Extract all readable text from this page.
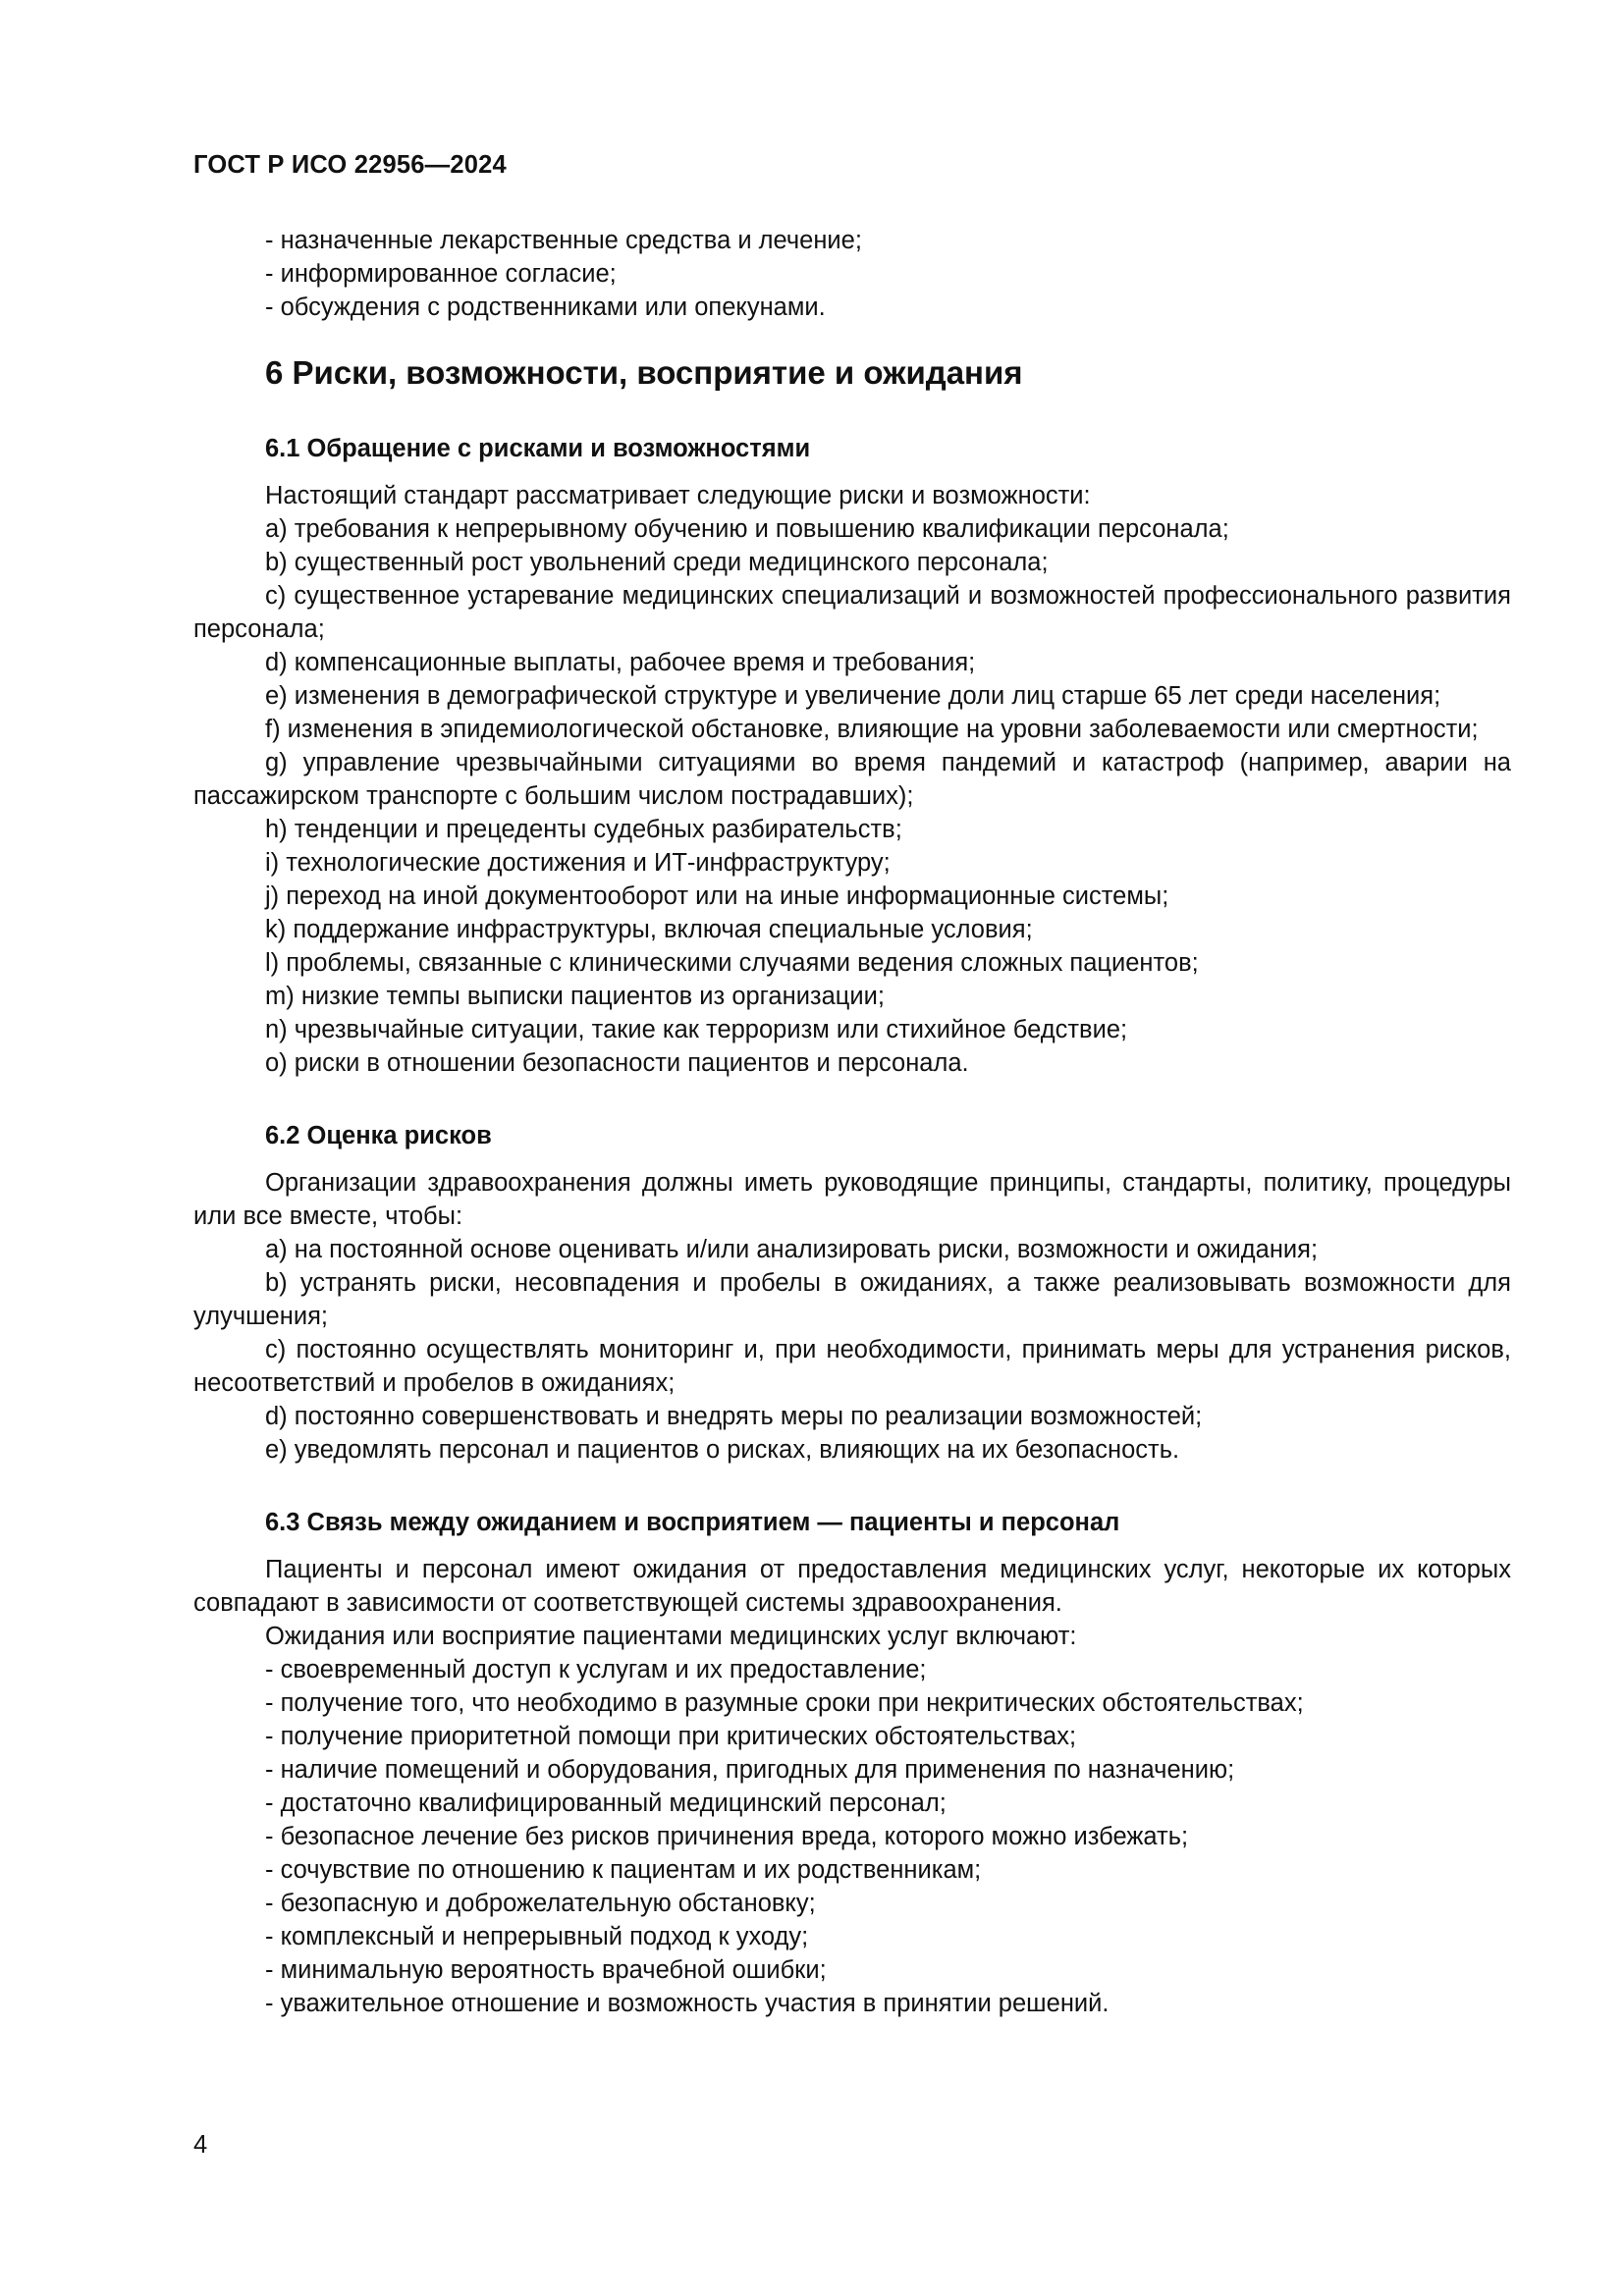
ГОСТ Р ИСО 22956—2024
- назначенные лекарственные средства и лечение;
- информированное согласие;
- обсуждения с родственниками или опекунами.
6 Риски, возможности, восприятие и ожидания
6.1 Обращение с рисками и возможностями
Настоящий стандарт рассматривает следующие риски и возможности:
a) требования к непрерывному обучению и повышению квалификации персонала;
b) существенный рост увольнений среди медицинского персонала;
c) существенное устаревание медицинских специализаций и возможностей профессионального развития персонала;
d) компенсационные выплаты, рабочее время и требования;
e) изменения в демографической структуре и увеличение доли лиц старше 65 лет среди населения;
f) изменения в эпидемиологической обстановке, влияющие на уровни заболеваемости или смертности;
g) управление чрезвычайными ситуациями во время пандемий и катастроф (например, аварии на пассажирском транспорте с большим числом пострадавших);
h) тенденции и прецеденты судебных разбирательств;
i) технологические достижения и ИТ-инфраструктуру;
j) переход на иной документооборот или на иные информационные системы;
k) поддержание инфраструктуры, включая специальные условия;
l) проблемы, связанные с клиническими случаями ведения сложных пациентов;
m) низкие темпы выписки пациентов из организации;
n) чрезвычайные ситуации, такие как терроризм или стихийное бедствие;
o) риски в отношении безопасности пациентов и персонала.
6.2 Оценка рисков
Организации здравоохранения должны иметь руководящие принципы, стандарты, политику, процедуры или все вместе, чтобы:
a) на постоянной основе оценивать и/или анализировать риски, возможности и ожидания;
b) устранять риски, несовпадения и пробелы в ожиданиях, а также реализовывать возможности для улучшения;
c) постоянно осуществлять мониторинг и, при необходимости, принимать меры для устранения рисков, несоответствий и пробелов в ожиданиях;
d) постоянно совершенствовать и внедрять меры по реализации возможностей;
e) уведомлять персонал и пациентов о рисках, влияющих на их безопасность.
6.3 Связь между ожиданием и восприятием — пациенты и персонал
Пациенты и персонал имеют ожидания от предоставления медицинских услуг, некоторые их которых совпадают в зависимости от соответствующей системы здравоохранения.
Ожидания или восприятие пациентами медицинских услуг включают:
- своевременный доступ к услугам и их предоставление;
- получение того, что необходимо в разумные сроки при некритических обстоятельствах;
- получение приоритетной помощи при критических обстоятельствах;
- наличие помещений и оборудования, пригодных для применения по назначению;
- достаточно квалифицированный медицинский персонал;
- безопасное лечение без рисков причинения вреда, которого можно избежать;
- сочувствие по отношению к пациентам и их родственникам;
- безопасную и доброжелательную обстановку;
- комплексный и непрерывный подход к уходу;
- минимальную вероятность врачебной ошибки;
- уважительное отношение и возможность участия в принятии решений.
4
